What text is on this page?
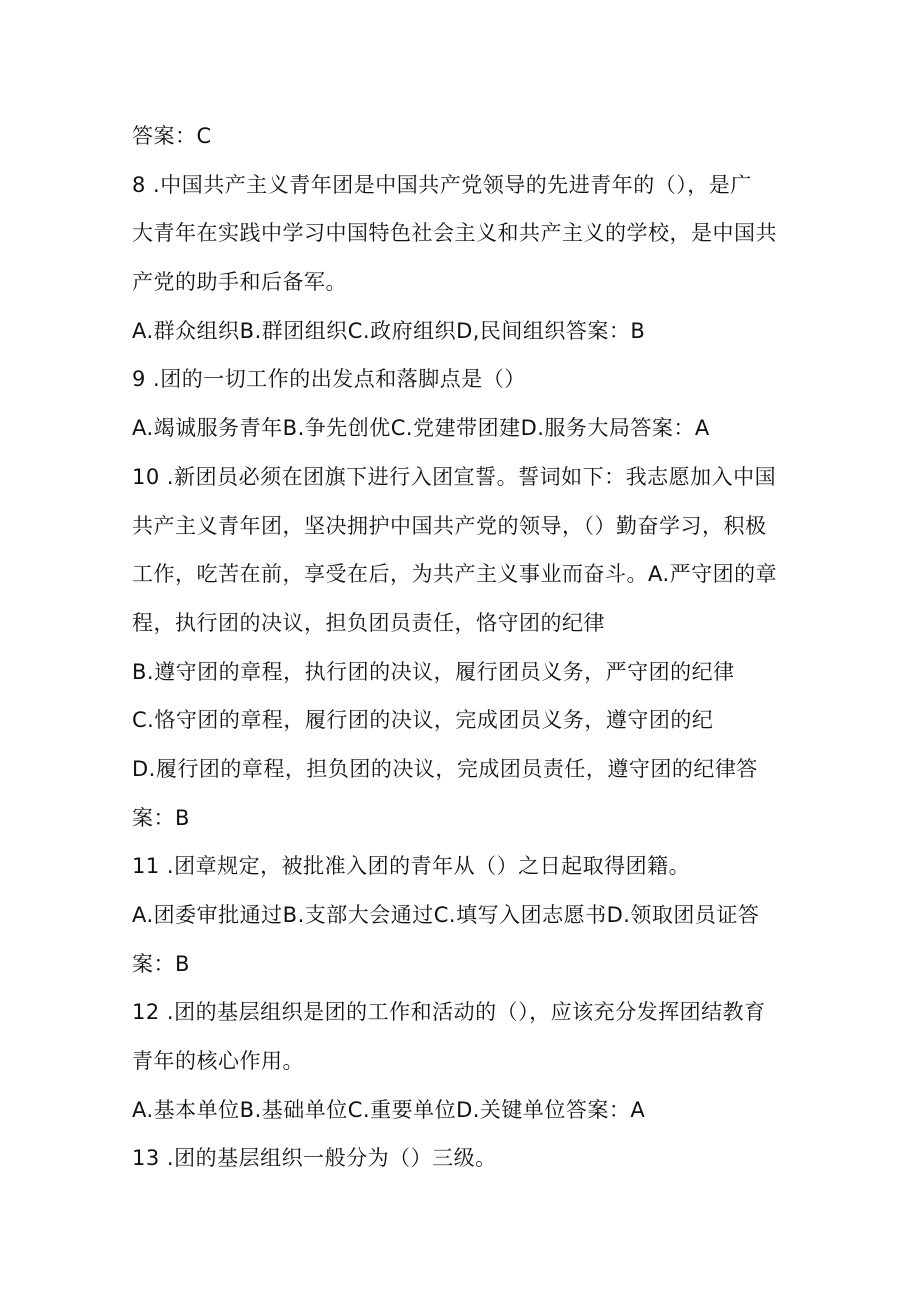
答案：C
8 .中国共产主义青年团是中国共产党领导的先进青年的（），是广
大青年在实践中学习中国特色社会主义和共产主义的学校，是中国共
产党的助手和后备军。
A.群众组织B.群团组织C.政府组织D,民间组织答案：B
9 .团的一切工作的出发点和落脚点是（）
A.竭诚服务青年B.争先创优C.党建带团建D.服务大局答案：A
10 .新团员必须在团旗下进行入团宣誓。誓词如下：我志愿加入中国
共产主义青年团，坚决拥护中国共产党的领导，（）勤奋学习，积极
工作，吃苦在前，享受在后，为共产主义事业而奋斗。A.严守团的章
程，执行团的决议，担负团员责任，恪守团的纪律
B.遵守团的章程，执行团的决议，履行团员义务，严守团的纪律
C.恪守团的章程，履行团的决议，完成团员义务，遵守团的纪
D.履行团的章程，担负团的决议，完成团员责任，遵守团的纪律答
案：B
11 .团章规定，被批准入团的青年从（）之日起取得团籍。
A.团委审批通过B.支部大会通过C.填写入团志愿书D.领取团员证答
案：B
12 .团的基层组织是团的工作和活动的（），应该充分发挥团结教育
青年的核心作用。
A.基本单位B.基础单位C.重要单位D.关键单位答案：A
13 .团的基层组织一般分为（）三级。
